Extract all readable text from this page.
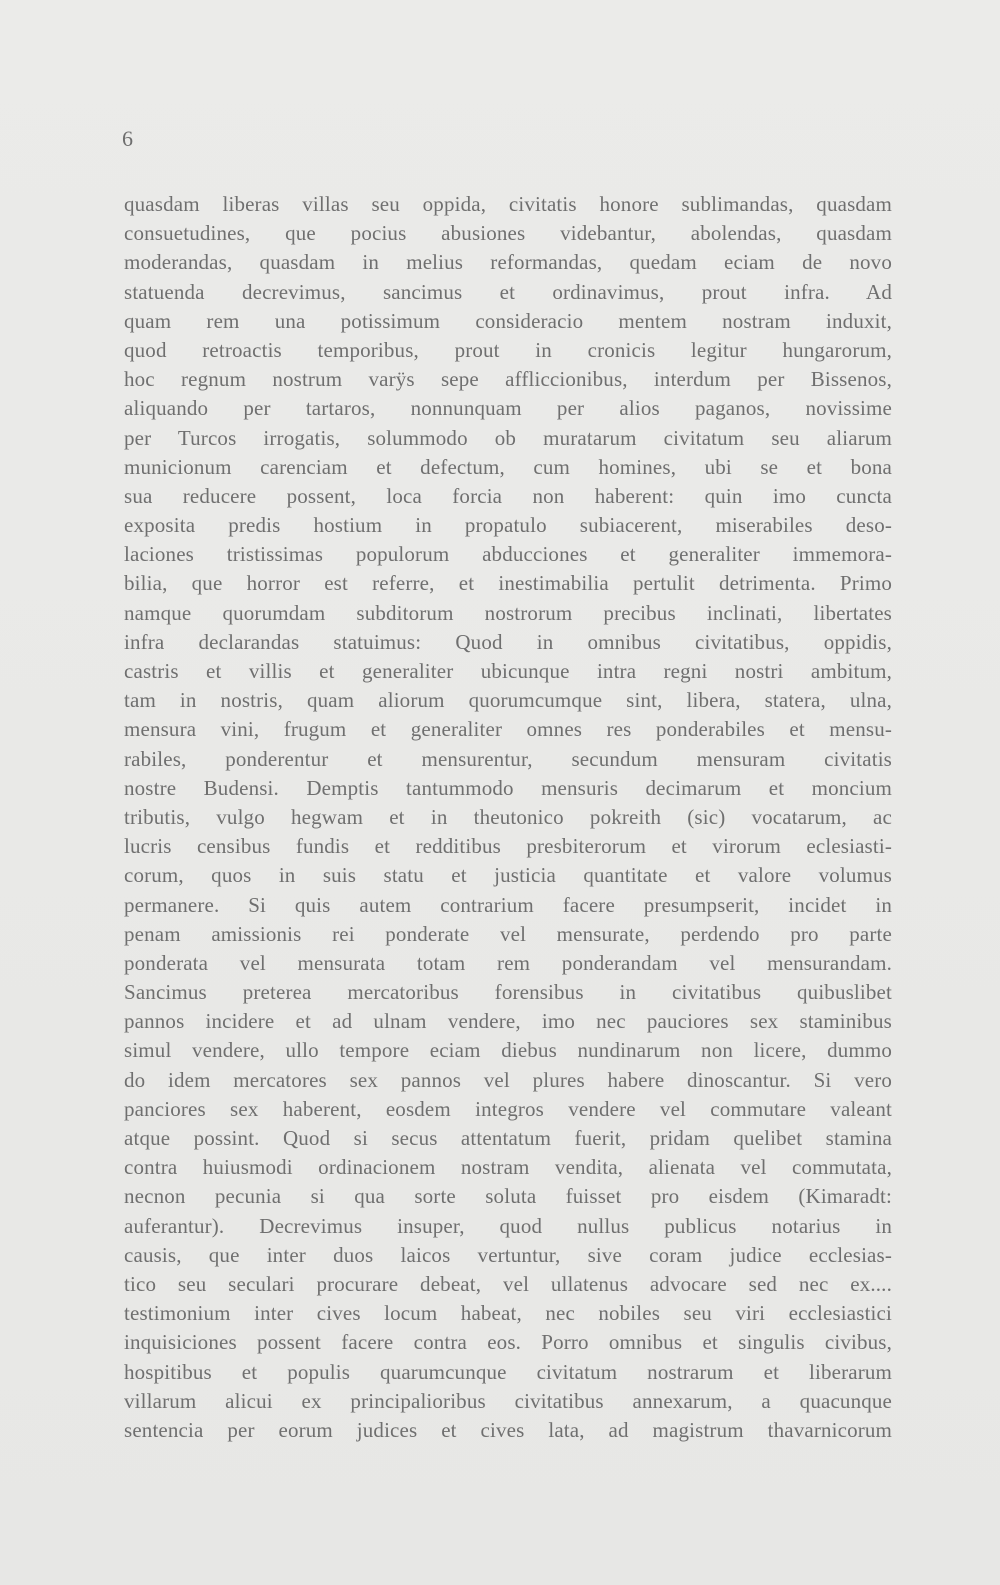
6
quasdam liberas villas seu oppida, civitatis honore sublimandas, quasdam
consuetudines, que pocius abusiones videbantur, abolendas, quasdam
moderandas, quasdam in melius reformandas, quedam eciam de novo
statuenda decrevimus, sancimus et ordinavimus, prout infra. Ad
quam rem una potissimum consideracio mentem nostram induxit,
quod retroactis temporibus, prout in cronicis legitur hungarorum,
hoc regnum nostrum varÿs sepe affliccionibus, interdum per Bissenos,
aliquando per tartaros, nonnunquam per alios paganos, novissime
per Turcos irrogatis, solummodo ob muratarum civitatum seu aliarum
municionum carenciam et defectum, cum homines, ubi se et bona
sua reducere possent, loca forcia non haberent: quin imo cuncta
exposita predis hostium in propatulo subiacerent, miserabiles deso-
laciones tristissimas populorum abducciones et generaliter immemora-
bilia, que horror est referre, et inestimabilia pertulit detrimenta. Primo
namque quorumdam subditorum nostrorum precibus inclinati, libertates
infra declarandas statuimus: Quod in omnibus civitatibus, oppidis,
castris et villis et generaliter ubicunque intra regni nostri ambitum,
tam in nostris, quam aliorum quorumcumque sint, libera, statera, ulna,
mensura vini, frugum et generaliter omnes res ponderabiles et mensu-
rabiles, ponderentur et mensurentur, secundum mensuram civitatis
nostre Budensi. Demptis tantummodo mensuris decimarum et moncium
tributis, vulgo hegwam et in theutonico pokreith (sic) vocatarum, ac
lucris censibus fundis et redditibus presbiterorum et virorum eclesiasti-
corum, quos in suis statu et justicia quantitate et valore volumus
permanere. Si quis autem contrarium facere presumpserit, incidet in
penam amissionis rei ponderate vel mensurate, perdendo pro parte
ponderata vel mensurata totam rem ponderandam vel mensurandam.
Sancimus preterea mercatoribus forensibus in civitatibus quibuslibet
pannos incidere et ad ulnam vendere, imo nec pauciores sex staminibus
simul vendere, ullo tempore eciam diebus nundinarum non licere, dummo
do idem mercatores sex pannos vel plures habere dinoscantur. Si vero
panciores sex haberent, eosdem integros vendere vel commutare valeant
atque possint. Quod si secus attentatum fuerit, pridam quelibet stamina
contra huiusmodi ordinacionem nostram vendita, alienata vel commutata,
necnon pecunia si qua sorte soluta fuisset pro eisdem (Kimaradt:
auferantur). Decrevimus insuper, quod nullus publicus notarius in
causis, que inter duos laicos vertuntur, sive coram judice ecclesias-
tico seu seculari procurare debeat, vel ullatenus advocare sed nec ex....
testimonium inter cives locum habeat, nec nobiles seu viri ecclesiastici
inquisiciones possent facere contra eos. Porro omnibus et singulis civibus,
hospitibus et populis quarumcunque civitatum nostrarum et liberarum
villarum alicui ex principalioribus civitatibus annexarum, a quacunque
sentencia per eorum judices et cives lata, ad magistrum thavarnicorum
